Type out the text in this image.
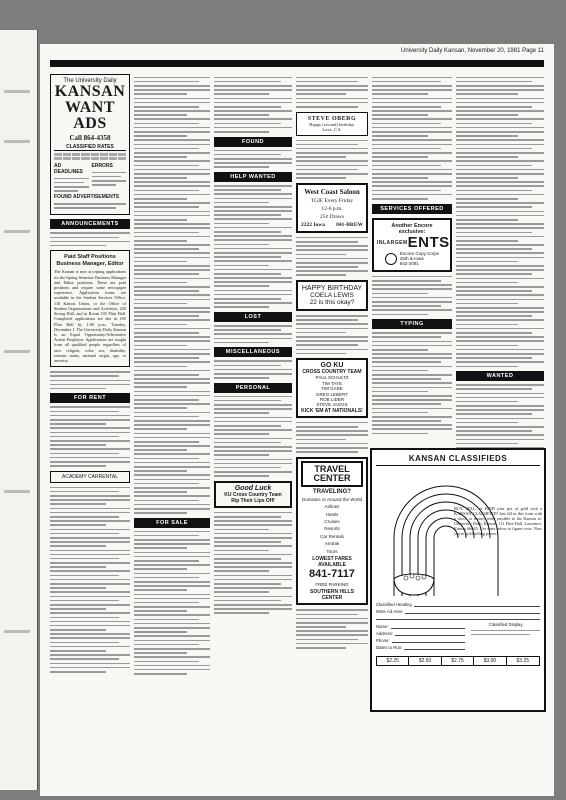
University Daily Kansan, November 20, 1981 Page 11
The University Daily
KANSAN WANT ADS
Call 864-4358
CLASSIFIED RATES
AD DEADLINES
ERRORS
FOUND ADVERTISEMENTS
ANNOUNCEMENTS
Paid Staff Positions
Business Manager, Editor
The Kansan is now accepting applications for the Spring Semester Business Manager and Editor positions. These are paid positions and require some newspaper experience. Application forms are available in the Student Services Office, 118 Kansas Union, or the Office of Student Organizations and Activities, 220 Strong Hall, and in Room 105 Flint Hall. Completed applications are due in 105 Flint Hall by 1:00 p.m., Tuesday, December 1. The University Daily Kansan is an Equal Opportunity/Affirmative Action Employer. Applications are sought from all qualified people regardless of race, religion, color, sex, disability, veteran status, national origin, age, or ancestry.
FOR RENT
ACADEMY CARRENTAL
FOR SALE
FOUND
HELP WANTED
LOST
MISCELLANEOUS
PERSONAL
Good Luck
KU Cross Country Team
Rip Their Lips Off!
STEVE OBERG
Happy (second) birthday.
Love, C.S.
West Coast Saloon
TGIF Every Friday
12-6 p.m.
25¢ Draws
2222 Iowa 841-BREW
HAPPY BIRTHDAY
COELA LEWIS
22 is this okay?
GO KU
CROSS COUNTRY TEAM
PAUL SCHULTZ
TIM TAYE
TIM GARE
GREG LEBERT
ROB LIDER
STEVE JAGGS
KICK 'EM AT NATIONALS!
TRAVEL
CENTER
TRAVELING?
Domestic or Around the World
Airlines
Hotels
Cruises
Resorts
Car Rentals
Amtrak
Tours
LOWEST FARES AVAILABLE
841-7117
FREE PARKING
SOUTHERN HILLS CENTER
SERVICES OFFERED
Another Encore
exclusive:
INLARGEMENTS
Encore Copy Corps
25th & Iowa
842-2091
TYPING
WANTED
KANSAN CLASSIFIEDS
BUY, SELL, or FIND your pot of gold with a KANSAN CLASSIFIED! Just fill in this form with a check or money order payable to the Kansan to: University Daily Kansan, 111 Flint Hall, Lawrence, Kansas 66045. Use rates below to figure costs. Now you're gold selling power!
Classified Heading
Write Ad Here
Name:
Address:
Phone:
Dates to Run:
Classified Display
$2.25	$2.50	$2.75	$3.00	$3.25
